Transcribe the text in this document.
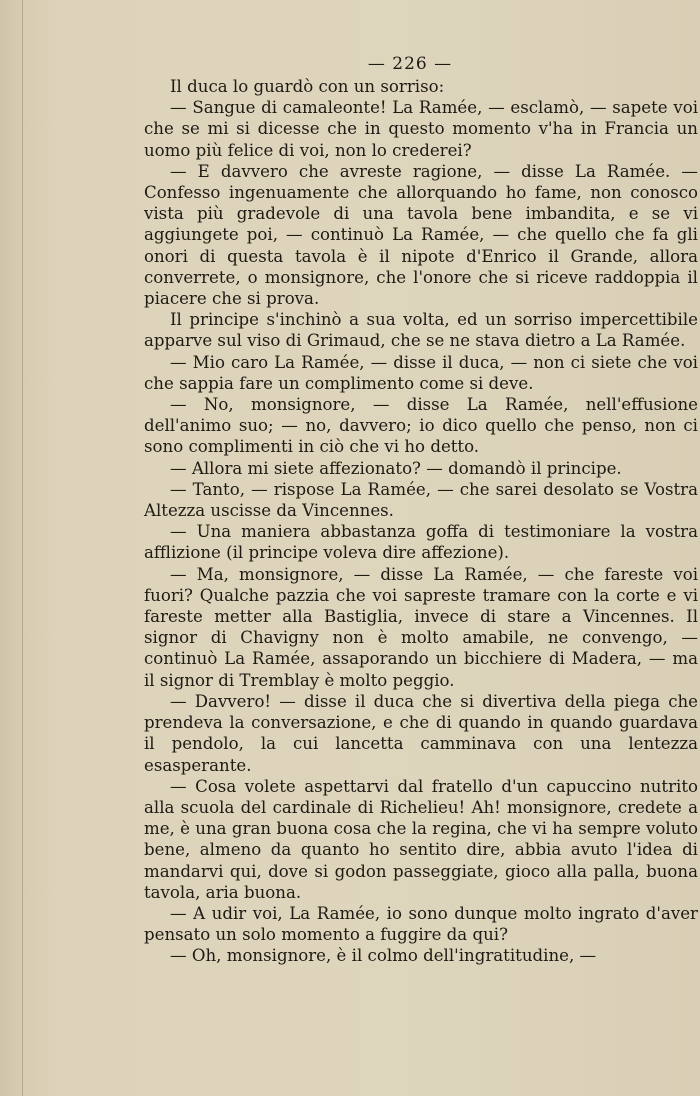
— 226 —

Il duca lo guardò con un sorriso:

— Sangue di camaleonte! La Ramée, — esclamò, — sapete voi che se mi si dicesse che in questo momento v'ha in Francia un uomo più felice di voi, non lo crederei?

— E davvero che avreste ragione, — disse La Ramée. — Confesso ingenuamente che allorquando ho fame, non conosco vista più gradevole di una tavola bene imbandita, e se vi aggiungete poi, — continuò La Ramée, — che quello che fa gli onori di questa tavola è il nipote d'Enrico il Grande, allora converrete, o monsignore, che l'onore che si riceve raddoppia il piacere che si prova.

Il principe s'inchinò a sua volta, ed un sorriso impercettibile apparve sul viso di Grimaud, che se ne stava dietro a La Ramée.

— Mio caro La Ramée, — disse il duca, — non ci siete che voi che sappia fare un complimento come si deve.

— No, monsignore, — disse La Ramée, nell'effusione dell'animo suo; — no, davvero; io dico quello che penso, non ci sono complimenti in ciò che vi ho detto.

— Allora mi siete affezionato? — domandò il principe.

— Tanto, — rispose La Ramée, — che sarei desolato se Vostra Altezza uscisse da Vincennes.

— Una maniera abbastanza goffa di testimoniare la vostra afflizione (il principe voleva dire affezione).

— Ma, monsignore, — disse La Ramée, — che fareste voi fuori? Qualche pazzia che voi sapreste tramare con la corte e vi fareste metter alla Bastiglia, invece di stare a Vincennes. Il signor di Chavigny non è molto amabile, ne convengo, — continuò La Ramée, assaporando un bicchiere di Madera, — ma il signor di Tremblay è molto peggio.

— Davvero! — disse il duca che si divertiva della piega che prendeva la conversazione, e che di quando in quando guardava il pendolo, la cui lancetta camminava con una lentezza esasperante.

— Cosa volete aspettarvi dal fratello d'un capuccino nutrito alla scuola del cardinale di Richelieu! Ah! monsignore, credete a me, è una gran buona cosa che la regina, che vi ha sempre voluto bene, almeno da quanto ho sentito dire, abbia avuto l'idea di mandarvi qui, dove si godon passeggiate, gioco alla palla, buona tavola, aria buona.

— A udir voi, La Ramée, io sono dunque molto ingrato d'aver pensato un solo momento a fuggire da qui?

— Oh, monsignore, è il colmo dell'ingratitudine, —
